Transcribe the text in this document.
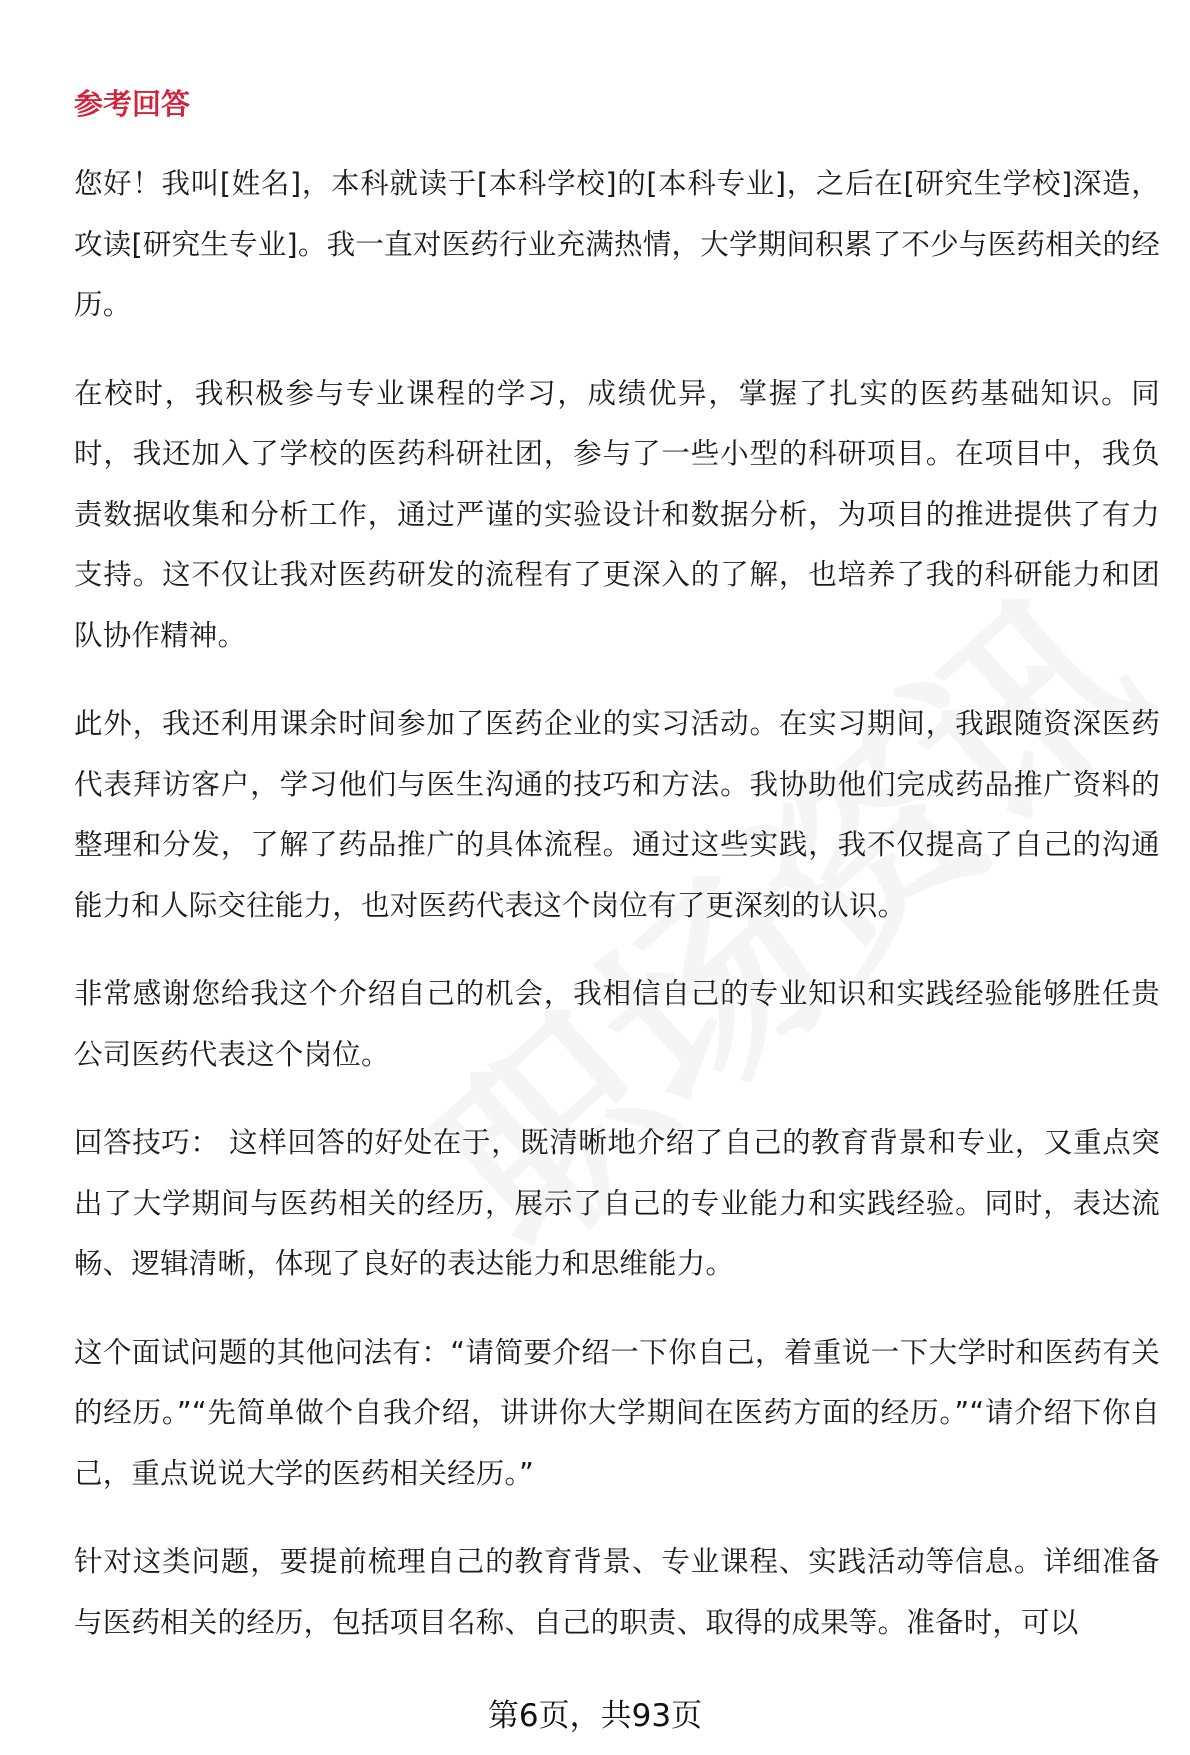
参考回答

您好！我叫[姓名]，本科就读于[本科学校]的[本科专业]，之后在[研究生学校]深造，攻读[研究生专业]。我一直对医药行业充满热情，大学期间积累了不少与医药相关的经历。

在校时，我积极参与专业课程的学习，成绩优异，掌握了扎实的医药基础知识。同时，我还加入了学校的医药科研社团，参与了一些小型的科研项目。在项目中，我负责数据收集和分析工作，通过严谨的实验设计和数据分析，为项目的推进提供了有力支持。这不仅让我对医药研发的流程有了更深入的了解，也培养了我的科研能力和团队协作精神。

此外，我还利用课余时间参加了医药企业的实习活动。在实习期间，我跟随资深医药代表拜访客户，学习他们与医生沟通的技巧和方法。我协助他们完成药品推广资料的整理和分发，了解了药品推广的具体流程。通过这些实践，我不仅提高了自己的沟通能力和人际交往能力，也对医药代表这个岗位有了更深刻的认识。

非常感谢您给我这个介绍自己的机会，我相信自己的专业知识和实践经验能够胜任贵公司医药代表这个岗位。

回答技巧： 这样回答的好处在于，既清晰地介绍了自己的教育背景和专业，又重点突出了大学期间与医药相关的经历，展示了自己的专业能力和实践经验。同时，表达流畅、逻辑清晰，体现了良好的表达能力和思维能力。

这个面试问题的其他问法有：“请简要介绍一下你自己，着重说一下大学时和医药有关的经历。”“先简单做个自我介绍，讲讲你大学期间在医药方面的经历。”“请介绍下你自己，重点说说大学的医药相关经历。”

针对这类问题，要提前梳理自己的教育背景、专业课程、实践活动等信息。详细准备与医药相关的经历，包括项目名称、自己的职责、取得的成果等。准备时，可以

第6页，共93页
